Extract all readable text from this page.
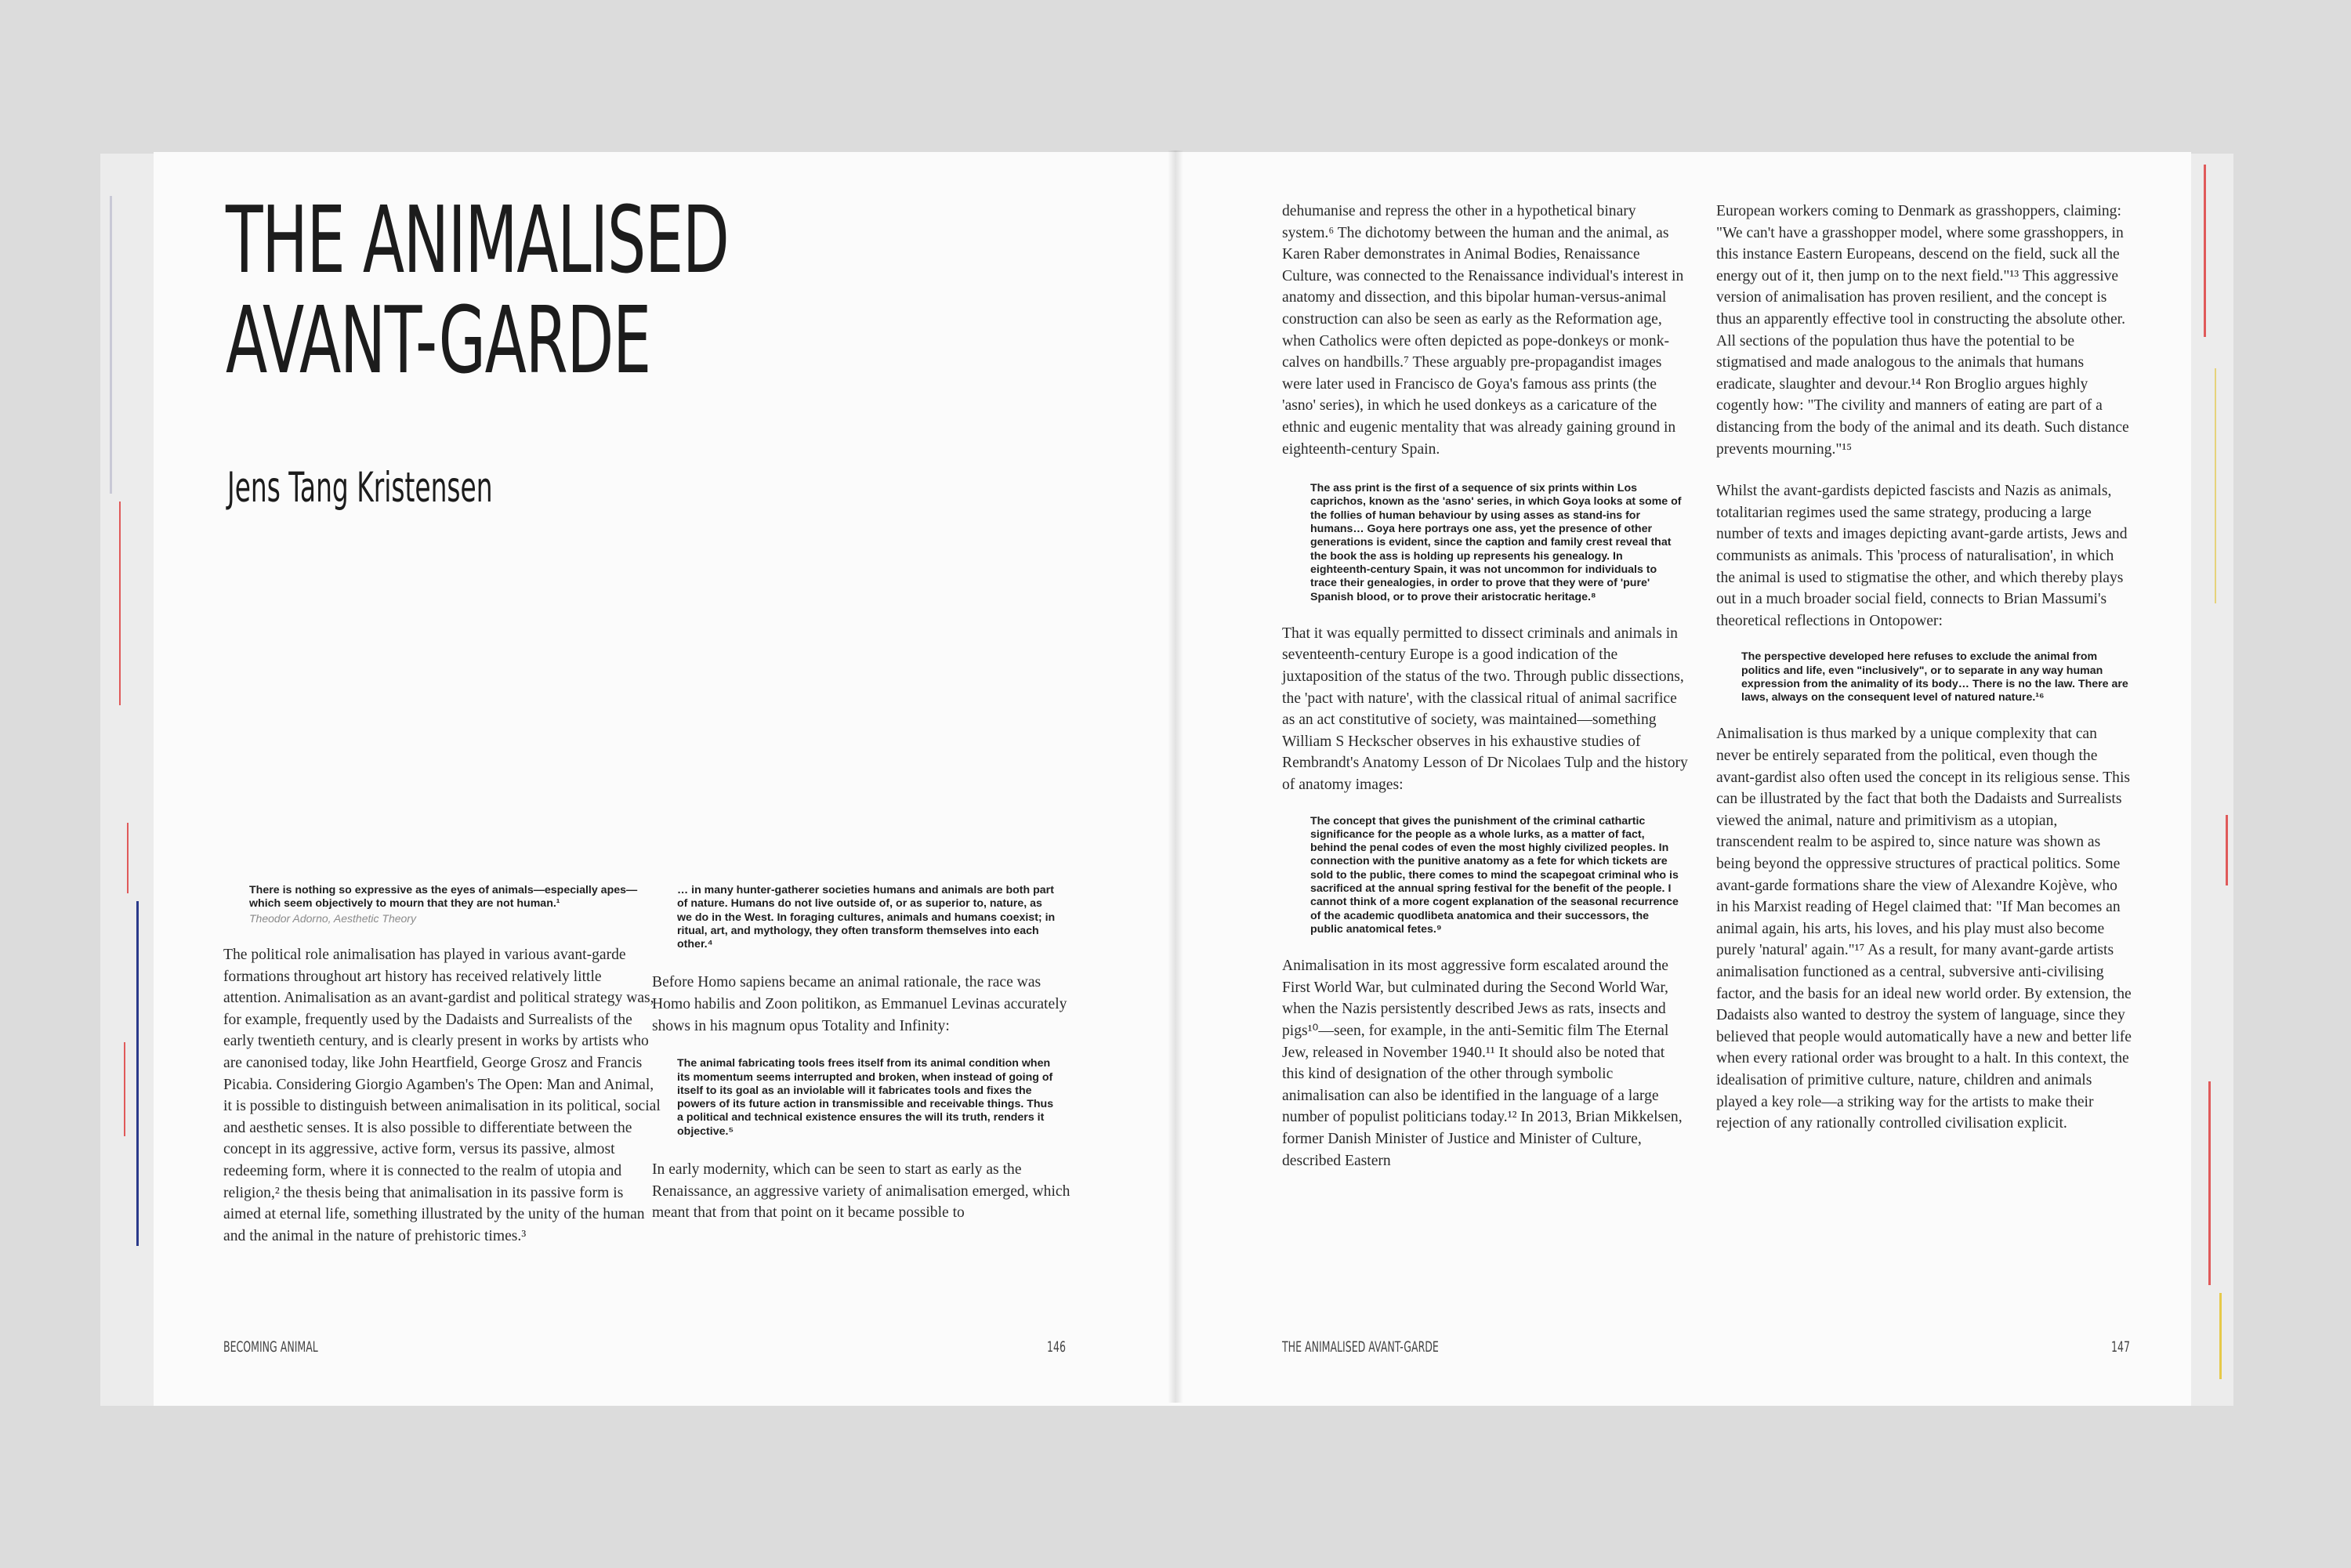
THE ANIMALISED
AVANT-GARDE
Jens Tang Kristensen

There is nothing so expressive as the eyes of animals—especially apes—which seem objectively to mourn that they are not human.¹

Theodor Adorno, Aesthetic Theory

The political role animalisation has played in various avant-garde formations throughout art history has received relatively little attention. Animalisation as an avant-gardist and political strategy was, for example, frequently used by the Dadaists and Surrealists of the early twentieth century, and is clearly present in works by artists who are canonised today, like John Heartfield, George Grosz and Francis Picabia. Considering Giorgio Agamben's The Open: Man and Animal, it is possible to distinguish between animalisation in its political, social and aesthetic senses. It is also possible to differentiate between the concept in its aggressive, active form, versus its passive, almost redeeming form, where it is connected to the realm of utopia and religion,² the thesis being that animalisation in its passive form is aimed at eternal life, something illustrated by the unity of the human and the animal in the nature of prehistoric times.³

… in many hunter-gatherer societies humans and animals are both part of nature. Humans do not live outside of, or as superior to, nature, as we do in the West. In foraging cultures, animals and humans coexist; in ritual, art, and mythology, they often transform themselves into each other.⁴

Before Homo sapiens became an animal rationale, the race was Homo habilis and Zoon politikon, as Emmanuel Levinas accurately shows in his magnum opus Totality and Infinity:

The animal fabricating tools frees itself from its animal condition when its momentum seems interrupted and broken, when instead of going of itself to its goal as an inviolable will it fabricates tools and fixes the powers of its future action in transmissible and receivable things. Thus a political and technical existence ensures the will its truth, renders it objective.⁵

In early modernity, which can be seen to start as early as the Renaissance, an aggressive variety of animalisation emerged, which meant that from that point on it became possible to

BECOMING ANIMAL	146

dehumanise and repress the other in a hypothetical binary system.⁶ The dichotomy between the human and the animal, as Karen Raber demonstrates in Animal Bodies, Renaissance Culture, was connected to the Renaissance individual's interest in anatomy and dissection, and this bipolar human-versus-animal construction can also be seen as early as the Reformation age, when Catholics were often depicted as pope-donkeys or monk-calves on handbills.⁷ These arguably pre-propagandist images were later used in Francisco de Goya's famous ass prints (the 'asno' series), in which he used donkeys as a caricature of the ethnic and eugenic mentality that was already gaining ground in eighteenth-century Spain.

The ass print is the first of a sequence of six prints within Los caprichos, known as the 'asno' series, in which Goya looks at some of the follies of human behaviour by using asses as stand-ins for humans… Goya here portrays one ass, yet the presence of other generations is evident, since the caption and family crest reveal that the book the ass is holding up represents his genealogy. In eighteenth-century Spain, it was not uncommon for individuals to trace their genealogies, in order to prove that they were of 'pure' Spanish blood, or to prove their aristocratic heritage.⁸

That it was equally permitted to dissect criminals and animals in seventeenth-century Europe is a good indication of the juxtaposition of the status of the two. Through public dissections, the 'pact with nature', with the classical ritual of animal sacrifice as an act constitutive of society, was maintained—something William S Heckscher observes in his exhaustive studies of Rembrandt's Anatomy Lesson of Dr Nicolaes Tulp and the history of anatomy images:

The concept that gives the punishment of the criminal cathartic significance for the people as a whole lurks, as a matter of fact, behind the penal codes of even the most highly civilized peoples. In connection with the punitive anatomy as a fete for which tickets are sold to the public, there comes to mind the scapegoat criminal who is sacrificed at the annual spring festival for the benefit of the people. I cannot think of a more cogent explanation of the seasonal recurrence of the academic quodlibeta anatomica and their successors, the public anatomical fetes.⁹

Animalisation in its most aggressive form escalated around the First World War, but culminated during the Second World War, when the Nazis persistently described Jews as rats, insects and pigs¹⁰—seen, for example, in the anti-Semitic film The Eternal Jew, released in November 1940.¹¹ It should also be noted that this kind of designation of the other through symbolic animalisation can also be identified in the language of a large number of populist politicians today.¹² In 2013, Brian Mikkelsen, former Danish Minister of Justice and Minister of Culture, described Eastern

European workers coming to Denmark as grasshoppers, claiming: "We can't have a grasshopper model, where some grasshoppers, in this instance Eastern Europeans, descend on the field, suck all the energy out of it, then jump on to the next field."¹³ This aggressive version of animalisation has proven resilient, and the concept is thus an apparently effective tool in constructing the absolute other. All sections of the population thus have the potential to be stigmatised and made analogous to the animals that humans eradicate, slaughter and devour.¹⁴ Ron Broglio argues highly cogently how: "The civility and manners of eating are part of a distancing from the body of the animal and its death. Such distance prevents mourning."¹⁵

Whilst the avant-gardists depicted fascists and Nazis as animals, totalitarian regimes used the same strategy, producing a large number of texts and images depicting avant-garde artists, Jews and communists as animals. This 'process of naturalisation', in which the animal is used to stigmatise the other, and which thereby plays out in a much broader social field, connects to Brian Massumi's theoretical reflections in Ontopower:

The perspective developed here refuses to exclude the animal from politics and life, even "inclusively", or to separate in any way human expression from the animality of its body… There is no the law. There are laws, always on the consequent level of natured nature.¹⁶

Animalisation is thus marked by a unique complexity that can never be entirely separated from the political, even though the avant-gardist also often used the concept in its religious sense. This can be illustrated by the fact that both the Dadaists and Surrealists viewed the animal, nature and primitivism as a utopian, transcendent realm to be aspired to, since nature was shown as being beyond the oppressive structures of practical politics. Some avant-garde formations share the view of Alexandre Kojève, who in his Marxist reading of Hegel claimed that: "If Man becomes an animal again, his arts, his loves, and his play must also become purely 'natural' again."¹⁷ As a result, for many avant-garde artists animalisation functioned as a central, subversive anti-civilising factor, and the basis for an ideal new world order. By extension, the Dadaists also wanted to destroy the system of language, since they believed that people would automatically have a new and better life when every rational order was brought to a halt. In this context, the idealisation of primitive culture, nature, children and animals played a key role—a striking way for the artists to make their rejection of any rationally controlled civilisation explicit.

THE ANIMALISED AVANT-GARDE	147
